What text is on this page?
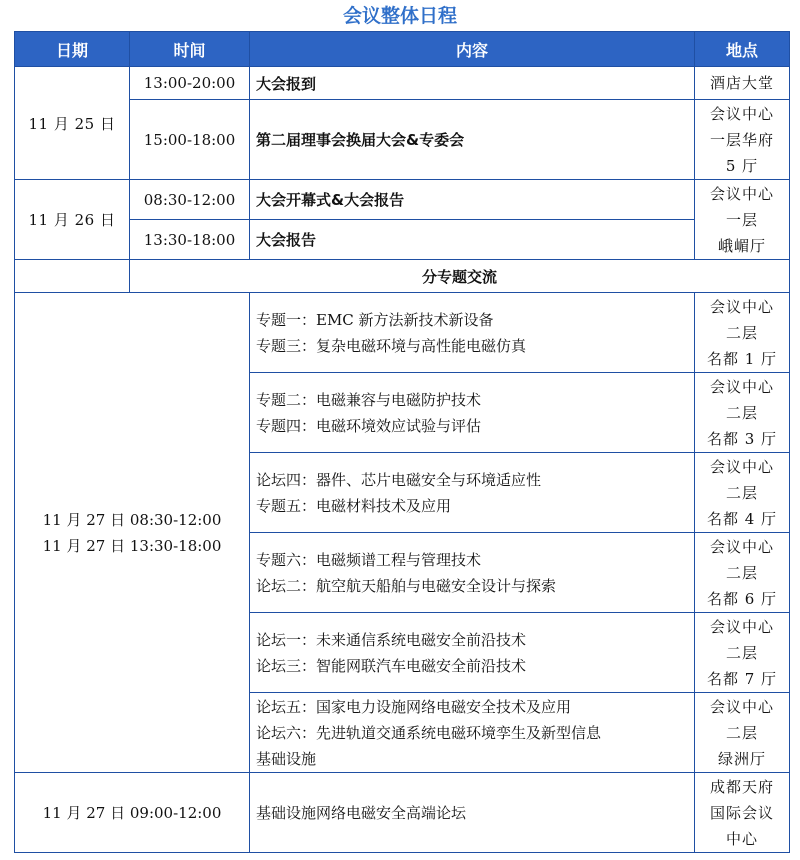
会议整体日程
日期	时间	内容	地点
11 月 25 日	13:00-20:00	大会报到	酒店大堂
	15:00-18:00	第二届理事会换届大会&专委会	会议中心
一层华府
5 厅

11 月 26 日	08:30-12:00	大会开幕式&大会报告	会议中心
一层
峨嵋厅

	13:30-18:00	大会报告	
	分专题交流		

11 月 27 日 08:30-12:00
11 月 27 日 13:30-18:00		专题一：EMC 新方法新技术新设备
专题三：复杂电磁环境与高性能电磁仿真	会议中心
二层
名都 1 厅

		专题二：电磁兼容与电磁防护技术
专题四：电磁环境效应试验与评估	会议中心
二层
名都 3 厅

		论坛四：器件、芯片电磁安全与环境适应性
专题五：电磁材料技术及应用	会议中心
二层
名都 4 厅

		专题六：电磁频谱工程与管理技术
论坛二：航空航天船舶与电磁安全设计与探索	会议中心
二层
名都 6 厅

		论坛一：未来通信系统电磁安全前沿技术
论坛三：智能网联汽车电磁安全前沿技术	会议中心
二层
名都 7 厅

		论坛五：国家电力设施网络电磁安全技术及应用
论坛六：先进轨道交通系统电磁环境孪生及新型信息
基础设施	会议中心
二层
绿洲厅

11 月 27 日 09:00-12:00		基础设施网络电磁安全高端论坛	成都天府
国际会议
中心
